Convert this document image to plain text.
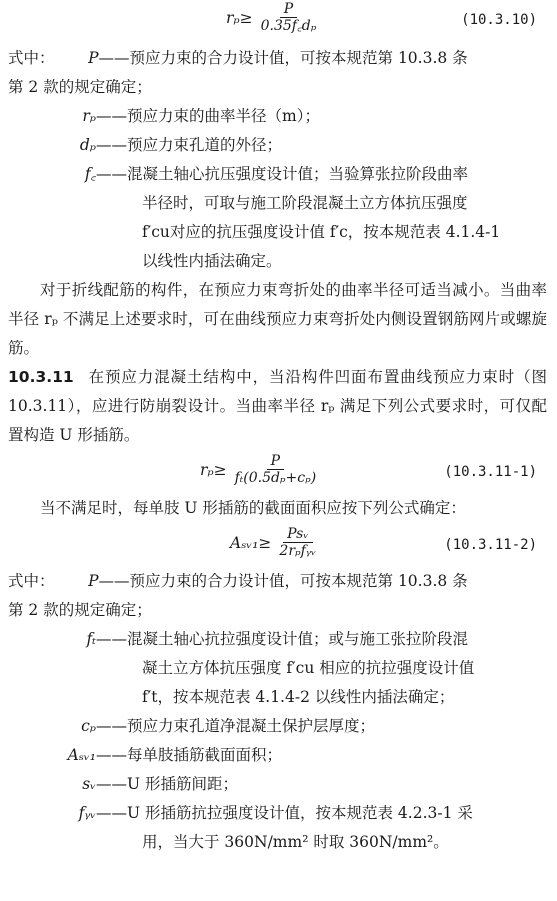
$r_p\ge \frac{P}{\text{0.35f꜀dₚ}}$	(10.3.10)
式中：	P ——预应力束的合力设计值，可按本规范第 10.3.8 条
第 2 款的规定确定；
rₚ ——预应力束的曲率半径（m）；
dₚ ——预应力束孔道的外径；
f꜀ ——混凝土轴心抗压强度设计值；当验算张拉阶段曲率
半径时，可取与施工阶段混凝土立方体抗压强度
f′cu对应的抗压强度设计值 f′c，按本规范表 4.1.4-1
以线性内插法确定。

对于折线配筋的构件，在预应力束弯折处的曲率半径可适当减小。当曲率半径 rₚ 不满足上述要求时，可在曲线预应力束弯折处内侧设置钢筋网片或螺旋筋。

10.3.11 在预应力混凝土结构中，当沿构件凹面布置曲线预应力束时（图 10.3.11），应进行防崩裂设计。当曲率半径 rₚ 满足下列公式要求时，可仅配置构造 U 形插筋。

$r_p\ge \frac{P}{\text{fₜ(0.5dₚ+cₚ)}}$	(10.3.11-1)

当不满足时，每单肢 U 形插筋的截面面积应按下列公式确定：

Aₛᵥ₁≥ $\frac{\text{Psᵥ}}{\text{2rₚfᵧᵥ}}$	(10.3.11-2)
式中：	P ——预应力束的合力设计值，可按本规范第 10.3.8 条
第 2 款的规定确定；
fₜ ——混凝土轴心抗拉强度设计值；或与施工张拉阶段混
凝土立方体抗压强度 f′cu 相应的抗拉强度设计值
f′t，按本规范表 4.1.4-2 以线性内插法确定；
cₚ ——预应力束孔道净混凝土保护层厚度；
Aₛᵥ₁ ——每单肢插筋截面面积；
sᵥ ——U 形插筋间距；
fᵧᵥ ——U 形插筋抗拉强度设计值，按本规范表 4.2.3-1 采
用，当大于 360N/mm² 时取 360N/mm²。
